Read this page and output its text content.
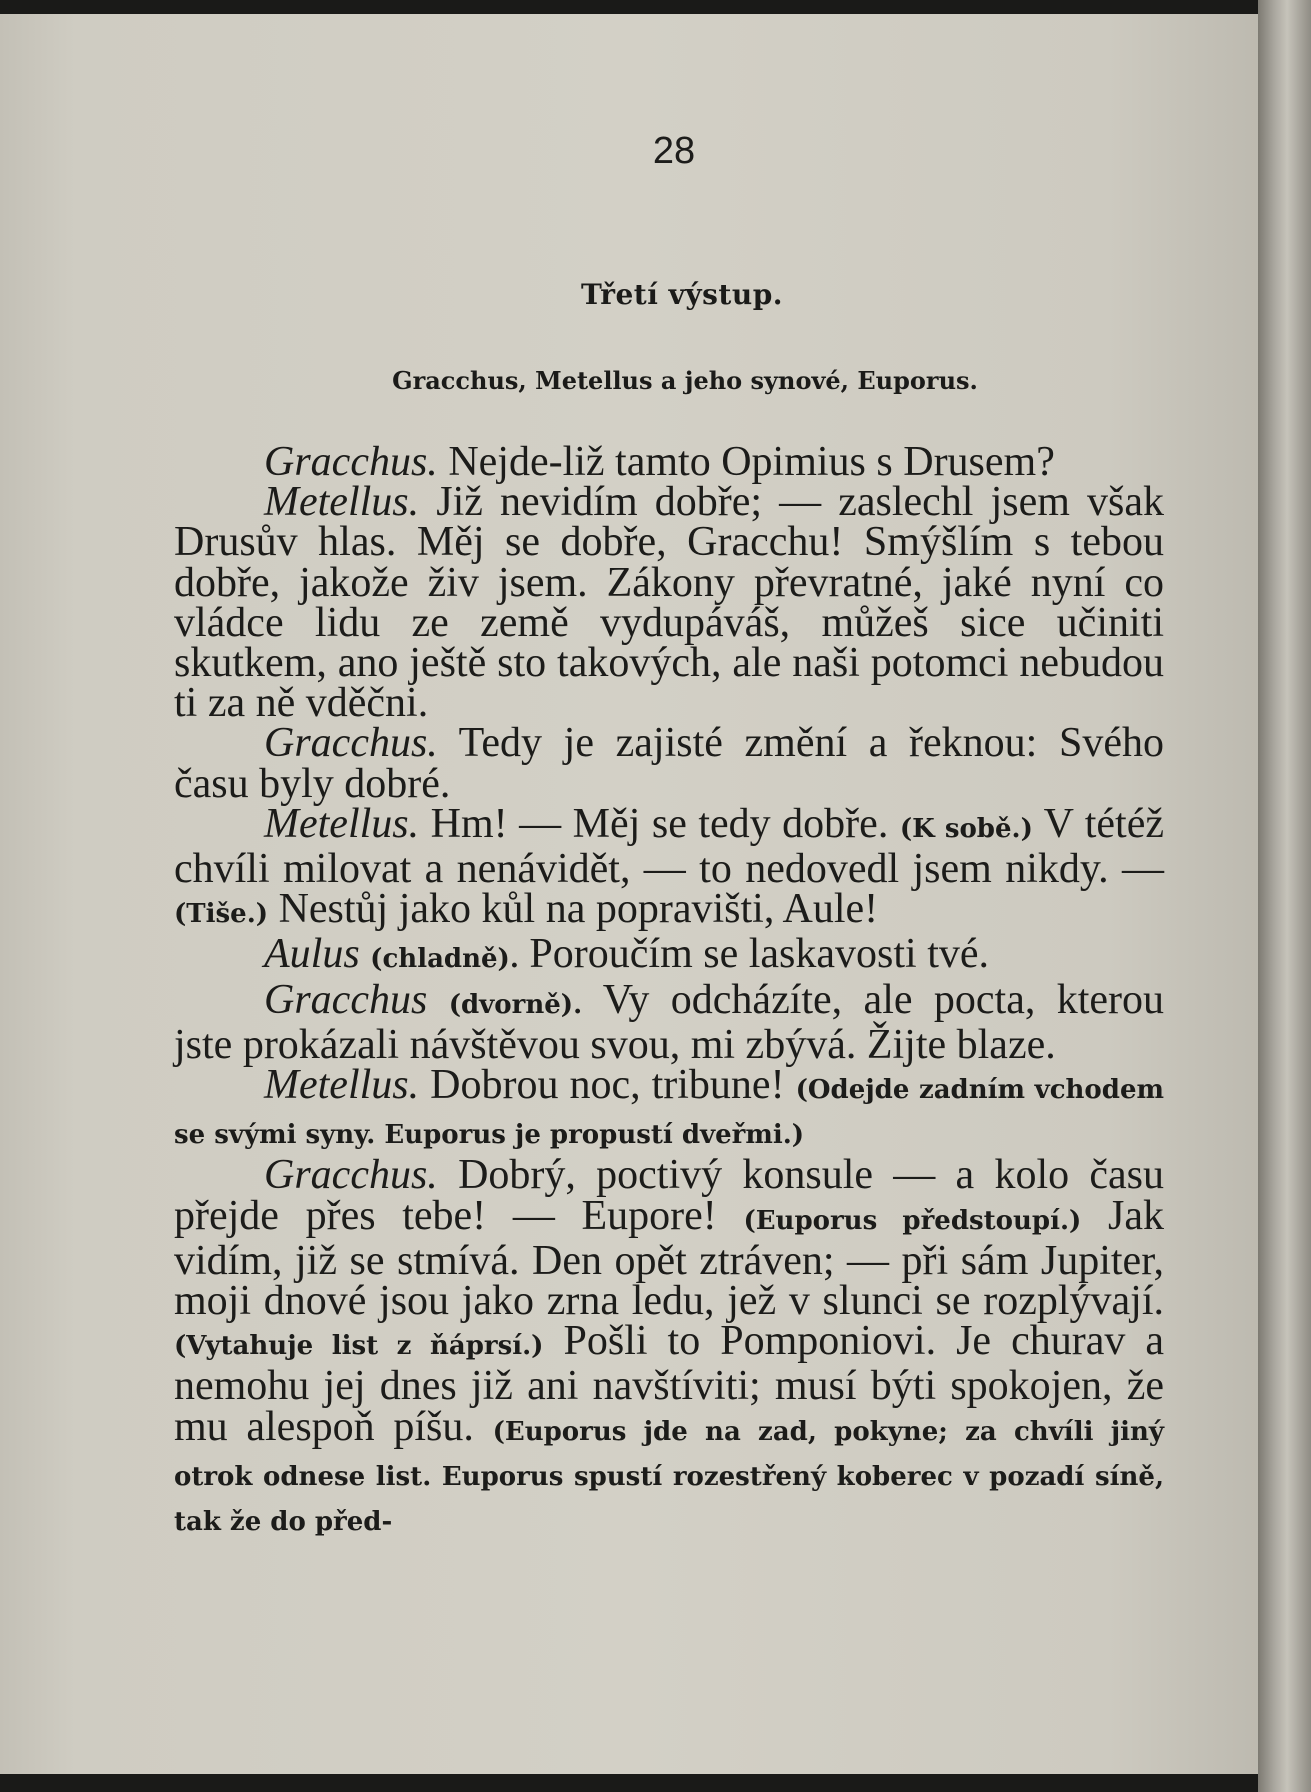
28
Třetí výstup.
Gracchus, Metellus a jeho synové, Euporus.

Gracchus. Nejde-liž tamto Opimius s Drusem?

Metellus. Již nevidím dobře; — zaslechl jsem však Drusův hlas. Měj se dobře, Gracchu! Smýšlím s tebou dobře, jakože živ jsem. Zákony převratné, jaké nyní co vládce lidu ze země vydupáváš, můžeš sice učiniti skutkem, ano ještě sto takových, ale naši potomci nebudou ti za ně vděčni.

Gracchus. Tedy je zajisté změní a řeknou: Svého času byly dobré.

Metellus. Hm! — Měj se tedy dobře. (K sobě.) V tétéž chvíli milovat a nenávidět, — to nedovedl jsem nikdy. — (Tiše.) Nestůj jako kůl na popravišti, Aule!

Aulus (chladně). Poroučím se laskavosti tvé.

Gracchus (dvorně). Vy odcházíte, ale pocta, kterou jste prokázali návštěvou svou, mi zbývá. Žijte blaze.

Metellus. Dobrou noc, tribune! (Odejde zadním vchodem se svými syny. Euporus je propustí dveřmi.)

Gracchus. Dobrý, poctivý konsule — a kolo času přejde přes tebe! — Eupore! (Euporus předstoupí.) Jak vidím, již se stmívá. Den opět ztráven; — při sám Jupiter, moji dnové jsou jako zrna ledu, jež v slunci se rozplývají. (Vytahuje list z ňáprsí.) Pošli to Pomponiovi. Je churav a nemohu jej dnes již ani navštíviti; musí býti spokojen, že mu alespoň píšu. (Euporus jde na zad, pokyne; za chvíli jiný otrok odnese list. Euporus spustí rozestřený koberec v pozadí síně, tak že do před-
